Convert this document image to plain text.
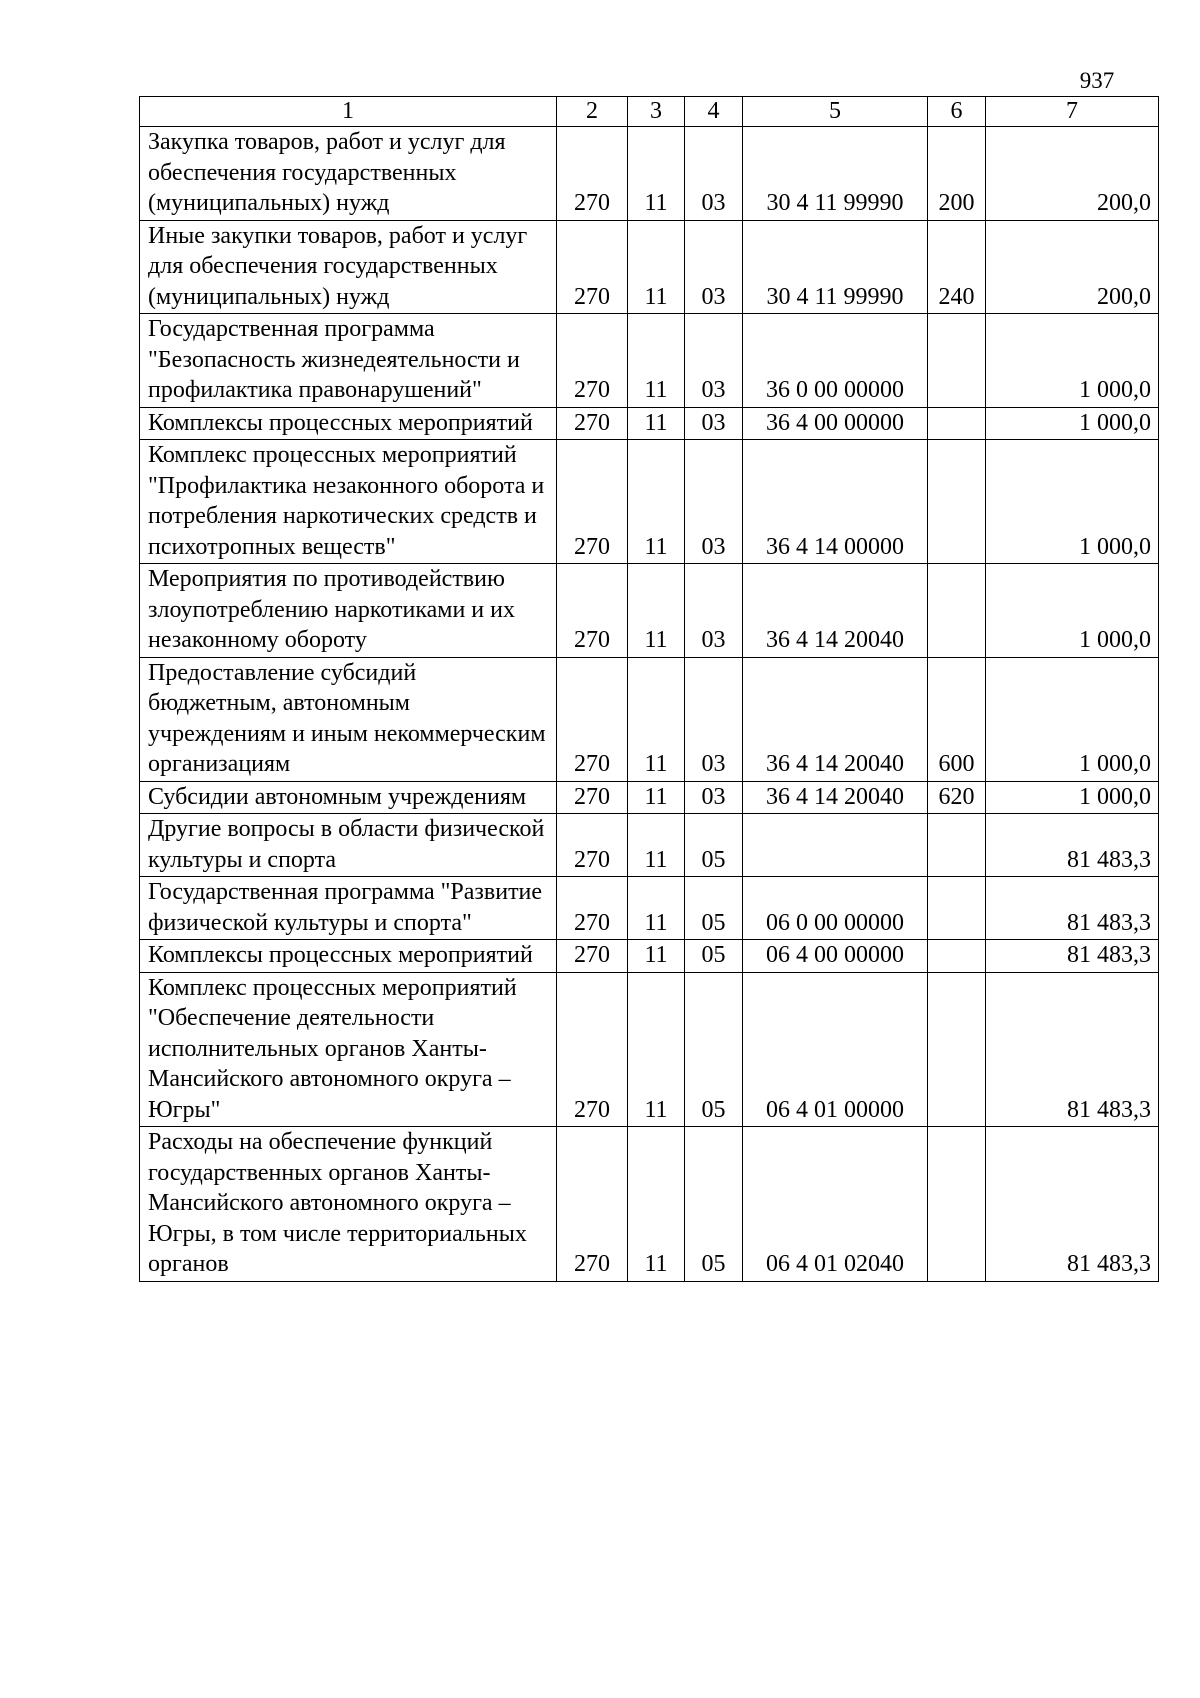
937
1	2	3	4	5	6	7
Закупка товаров, работ и услуг для обеспечения государственных (муниципальных) нужд	270	11	03	30 4 11 99990	200	200,0
Иные закупки товаров, работ и услуг для обеспечения государственных (муниципальных) нужд	270	11	03	30 4 11 99990	240	200,0
Государственная программа "Безопасность жизнедеятельности и профилактика правонарушений"	270	11	03	36 0 00 00000		1 000,0
Комплексы процессных мероприятий	270	11	03	36 4 00 00000		1 000,0
Комплекс процессных мероприятий "Профилактика незаконного оборота и потребления наркотических средств и психотропных веществ"	270	11	03	36 4 14 00000		1 000,0
Мероприятия по противодействию злоупотреблению наркотиками и их незаконному обороту	270	11	03	36 4 14 20040		1 000,0
Предоставление субсидий бюджетным, автономным учреждениям и иным некоммерческим организациям	270	11	03	36 4 14 20040	600	1 000,0
Субсидии автономным учреждениям	270	11	03	36 4 14 20040	620	1 000,0
Другие вопросы в области физической культуры и спорта	270	11	05			81 483,3
Государственная программа "Развитие физической культуры и спорта"	270	11	05	06 0 00 00000		81 483,3
Комплексы процессных мероприятий	270	11	05	06 4 00 00000		81 483,3
Комплекс процессных мероприятий "Обеспечение деятельности исполнительных органов Ханты-Мансийского автономного округа – Югры"	270	11	05	06 4 01 00000		81 483,3
Расходы на обеспечение функций государственных органов Ханты-Мансийского автономного округа – Югры, в том числе территориальных органов	270	11	05	06 4 01 02040		81 483,3
